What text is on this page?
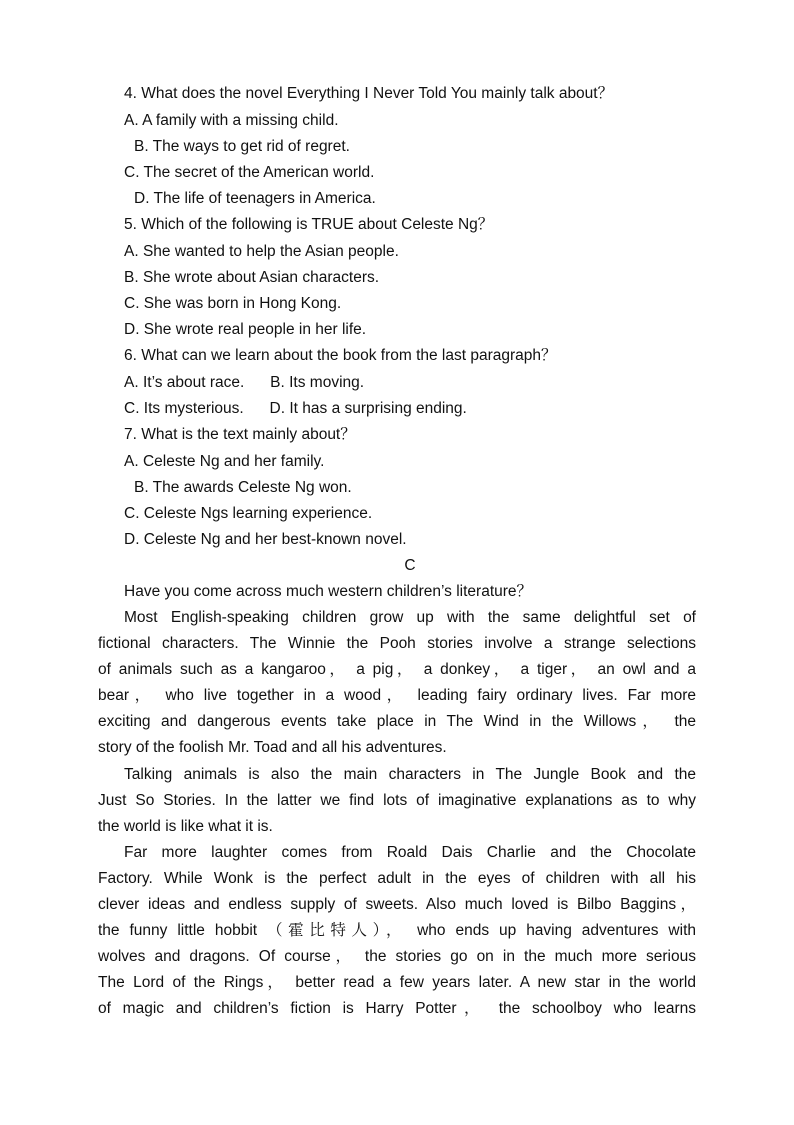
4. What does the novel Everything I Never Told You mainly talk about？
A. A family with a missing child.
B. The ways to get rid of regret.
C. The secret of the American world.
D. The life of teenagers in America.
5. Which of the following is TRUE about Celeste Ng？
A. She wanted to help the Asian people.
B. She wrote about Asian characters.
C. She was born in Hong Kong.
D. She wrote real people in her life.
6. What can we learn about the book from the last paragraph？
A. It’s about race.      B. Its moving.
C. Its mysterious.      D. It has a surprising ending.
7. What is the text mainly about？
A. Celeste Ng and her family.
B. The awards Celeste Ng won.
C. Celeste Ngs learning experience.
D. Celeste Ng and her best-known novel.
C
Have you come across much western children’s literature？
Most English-speaking children grow up with the same delightful set of
fictional characters. The Winnie the Pooh stories involve a strange selections
of animals such as a kangaroo， a pig， a donkey， a tiger， an owl and a
bear， who live together in a wood， leading fairy ordinary lives. Far more
exciting and dangerous events take place in The Wind in the Willows， the
story of the foolish Mr. Toad and all his adventures.
Talking animals is also the main characters in The Jungle Book and the
Just So Stories. In the latter we find lots of imaginative explanations as to why
the world is like what it is.
Far more laughter comes from Roald Dais Charlie and the Chocolate
Factory. While Wonk is the perfect adult in the eyes of children with all his
clever ideas and endless supply of sweets. Also much loved is Bilbo Baggins，
the funny little hobbit （霍比特人）， who ends up having adventures with
wolves and dragons. Of course， the stories go on in the much more serious
The Lord of the Rings， better read a few years later. A new star in the world
of magic and children’s fiction is Harry Potter， the schoolboy who learns
